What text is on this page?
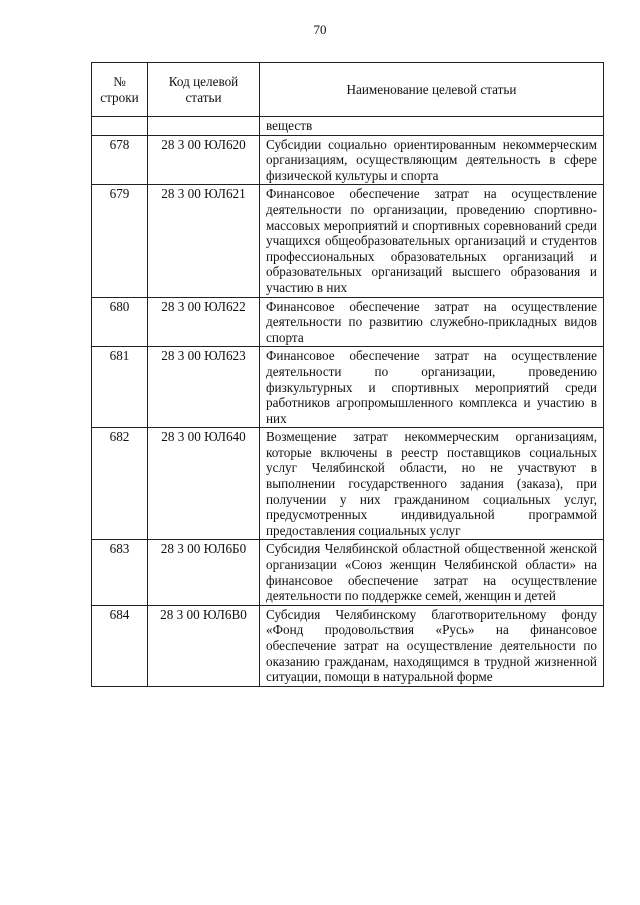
70
№ строки	Код целевой статьи	Наименование целевой статьи

		веществ
678	28 3 00 ЮЛ620	Субсидии социально ориентированным некоммерческим организациям, осуществляющим деятельность в сфере физической культуры и спорта
679	28 3 00 ЮЛ621	Финансовое обеспечение затрат на осуществление деятельности по организации, проведению спортивно-массовых мероприятий и спортивных соревнований среди учащихся общеобразовательных организаций и студентов профессиональных образовательных организаций и образовательных организаций высшего образования и участию в них
680	28 3 00 ЮЛ622	Финансовое обеспечение затрат на осуществление деятельности по развитию служебно-прикладных видов спорта
681	28 3 00 ЮЛ623	Финансовое обеспечение затрат на осуществление деятельности по организации, проведению физкультурных и спортивных мероприятий среди работников агропромышленного комплекса и участию в них
682	28 3 00 ЮЛ640	Возмещение затрат некоммерческим организациям, которые включены в реестр поставщиков социальных услуг Челябинской области, но не участвуют в выполнении государственного задания (заказа), при получении у них гражданином социальных услуг, предусмотренных индивидуальной программой предоставления социальных услуг
683	28 3 00 ЮЛ6Б0	Субсидия Челябинской областной общественной женской организации «Союз женщин Челябинской области» на финансовое обеспечение затрат на осуществление деятельности по поддержке семей, женщин и детей
684	28 3 00 ЮЛ6В0	Субсидия Челябинскому благотворительному фонду «Фонд продовольствия «Русь» на финансовое обеспечение затрат на осуществление деятельности по оказанию гражданам, находящимся в трудной жизненной ситуации, помощи в натуральной форме
